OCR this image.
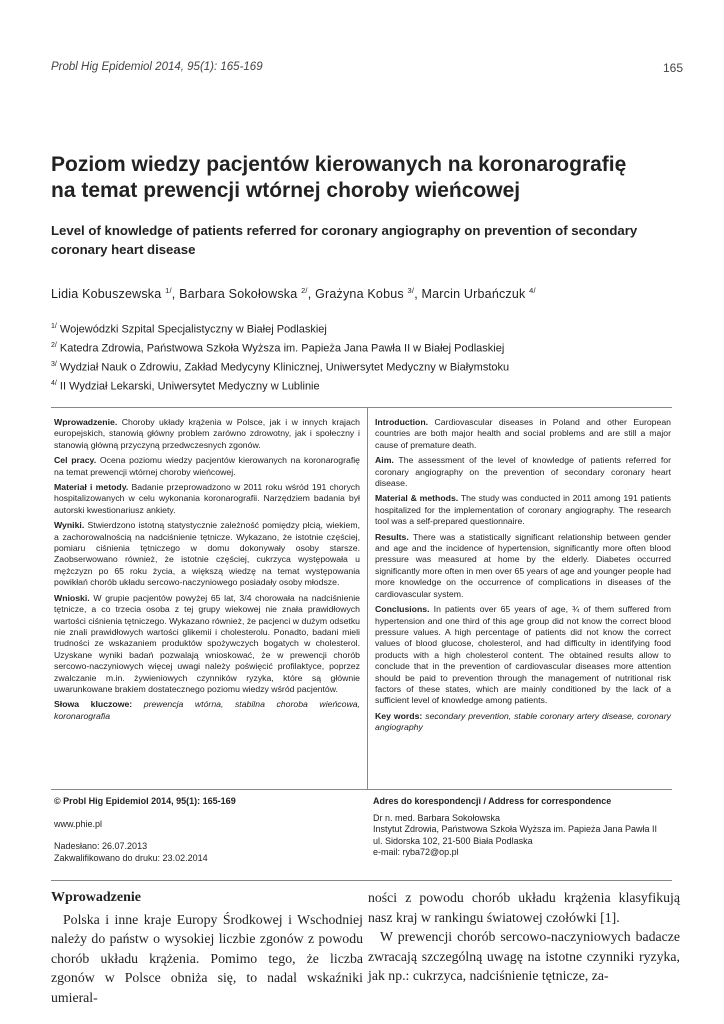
Probl Hig Epidemiol 2014, 95(1): 165-169	165
Poziom wiedzy pacjentów kierowanych na koronarografię
na temat prewencji wtórnej choroby wieńcowej
Level of knowledge of patients referred for coronary angiography on prevention of secondary coronary heart disease
Lidia Kobuszewska $^{1/}$, Barbara Sokołowska $^{2/}$, Grażyna Kobus $^{3/}$, Marcin Urbańczuk $^{4/}$
$^{1/}$ Wojewódzki Szpital Specjalistyczny w Białej Podlaskiej
$^{2/}$ Katedra Zdrowia, Państwowa Szkoła Wyższa im. Papieża Jana Pawła II w Białej Podlaskiej
$^{3/}$ Wydział Nauk o Zdrowiu, Zakład Medycyny Klinicznej, Uniwersytet Medyczny w Białymstoku
$^{4/}$ II Wydział Lekarski, Uniwersytet Medyczny w Lublinie

Wprowadzenie. Choroby układy krążenia w Polsce, jak i w innych krajach europejskich, stanowią główny problem zarówno zdrowotny, jak i społeczny i stanowią główną przyczyną przedwczesnych zgonów.

Cel pracy. Ocena poziomu wiedzy pacjentów kierowanych na koronarografię na temat prewencji wtórnej choroby wieńcowej.

Materiał i metody. Badanie przeprowadzono w 2011 roku wśród 191 chorych hospitalizowanych w celu wykonania koronarografii. Narzędziem badania był autorski kwestionariusz ankiety.

Wyniki. Stwierdzono istotną statystycznie zależność pomiędzy płcią, wiekiem, a zachorowalnością na nadciśnienie tętnicze. Wykazano, że istotnie częściej, pomiaru ciśnienia tętniczego w domu dokonywały osoby starsze. Zaobserwowano również, że istotnie częściej, cukrzyca występowała u mężczyzn po 65 roku życia, a większą wiedzę na temat występowania powikłań chorób układu sercowo-naczyniowego posiadały osoby młodsze.

Wnioski. W grupie pacjentów powyżej 65 lat, 3/4 chorowała na nadciśnienie tętnicze, a co trzecia osoba z tej grupy wiekowej nie znała prawidłowych wartości ciśnienia tętniczego. Wykazano również, że pacjenci w dużym odsetku nie znali prawidłowych wartości glikemii i cholesterolu. Ponadto, badani mieli trudności ze wskazaniem produktów spożywczych bogatych w cholesterol. Uzyskane wyniki badań pozwalają wnioskować, że w prewencji chorób sercowo-naczyniowych więcej uwagi należy poświęcić profilaktyce, poprzez zwalczanie m.in. żywieniowych czynników ryzyka, które są głównie uwarunkowane brakiem dostatecznego poziomu wiedzy wśród pacjentów.

Słowa kluczowe: prewencja wtórna, stabilna choroba wieńcowa, koronarografia

Introduction. Cardiovascular diseases in Poland and other European countries are both major health and social problems and are still a major cause of premature death.

Aim. The assessment of the level of knowledge of patients referred for coronary angiography on the prevention of secondary coronary heart disease.

Material & methods. The study was conducted in 2011 among 191 patients hospitalized for the implementation of coronary angiography. The research tool was a self-prepared questionnaire.

Results. There was a statistically significant relationship between gender and age and the incidence of hypertension, significantly more often blood pressure was measured at home by the elderly. Diabetes occurred significantly more often in men over 65 years of age and younger people had more knowledge on the occurrence of complications in diseases of the cardiovascular system.

Conclusions. In patients over 65 years of age, ¾ of them suffered from hypertension and one third of this age group did not know the correct blood pressure values. A high percentage of patients did not know the correct values of blood glucose, cholesterol, and had difficulty in identifying food products with a high cholesterol content. The obtained results allow to conclude that in the prevention of cardiovascular diseases more attention should be paid to prevention through the management of nutritional risk factors of these states, which are mainly conditioned by the lack of a sufficient level of knowledge among patients.

Key words: secondary prevention, stable coronary artery disease, coronary angiography

© Probl Hig Epidemiol 2014, 95(1): 165-169
www.phie.pl
Nadesłano: 26.07.2013
Zakwalifikowano do druku: 23.02.2014
Adres do korespondencji / Address for correspondence
Dr n. med. Barbara Sokołowska
Instytut Zdrowia, Państwowa Szkoła Wyższa im. Papieża Jana Pawła II
ul. Sidorska 102, 21-500 Biała Podlaska
e-mail: ryba72@op.pl
Wprowadzenie

Polska i inne kraje Europy Środkowej i Wschodniej należy do państw o wysokiej liczbie zgonów z powodu chorób układu krążenia. Pomimo tego, że liczba zgonów w Polsce obniża się, to nadal wskaźniki umieral-

ności z powodu chorób układu krążenia klasyfikują nasz kraj w rankingu światowej czołówki [1].

W prewencji chorób sercowo-naczyniowych badacze zwracają szczególną uwagę na istotne czynniki ryzyka, jak np.: cukrzyca, nadciśnienie tętnicze, za-
